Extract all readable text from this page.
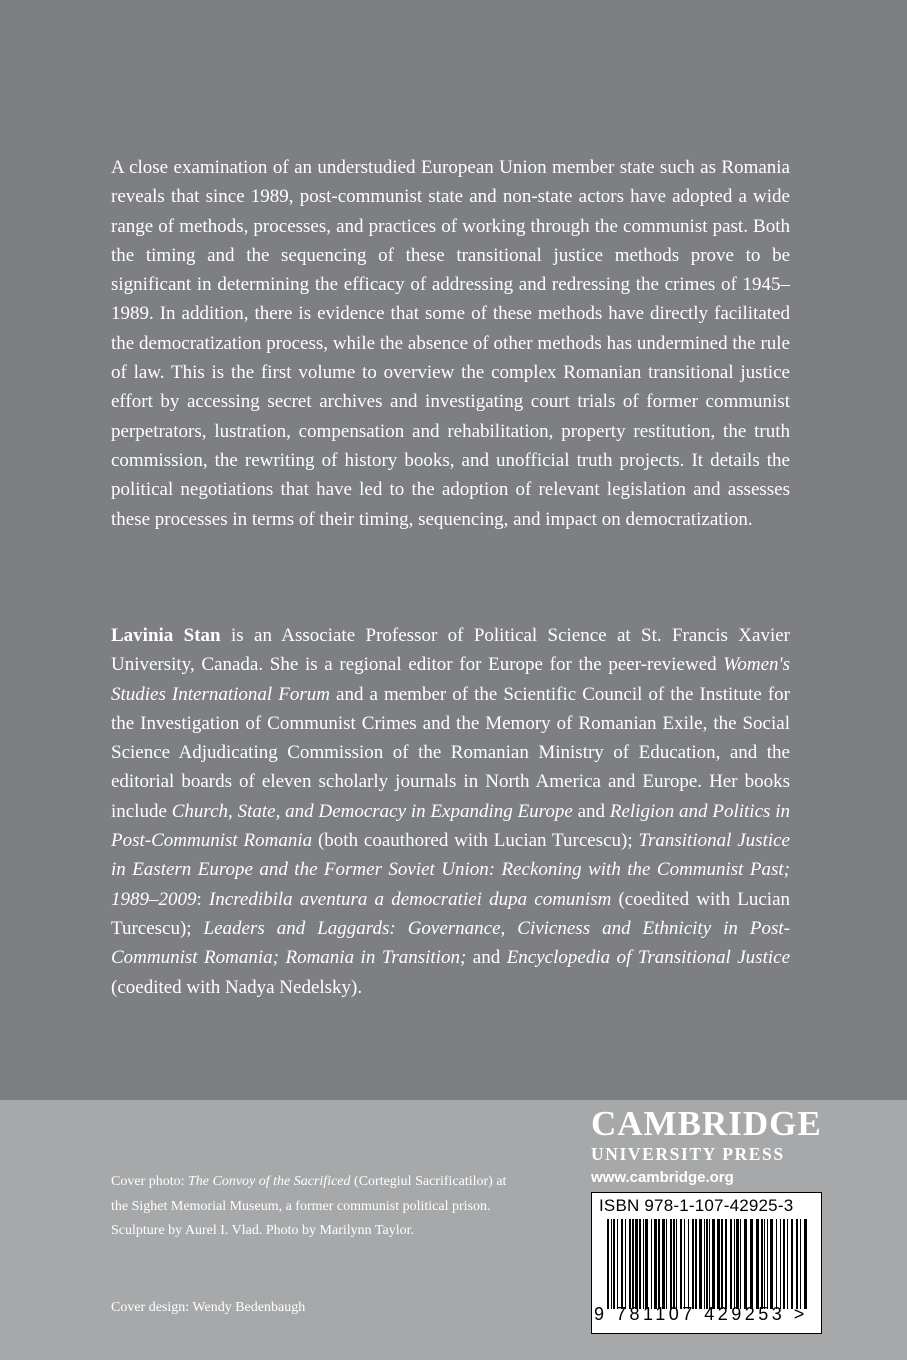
A close examination of an understudied European Union member state such as Romania reveals that since 1989, post-communist state and non-state actors have adopted a wide range of methods, processes, and practices of working through the communist past. Both the timing and the sequencing of these transitional justice methods prove to be significant in determining the efficacy of addressing and redressing the crimes of 1945–1989. In addition, there is evidence that some of these methods have directly facilitated the democratization process, while the absence of other methods has undermined the rule of law. This is the first volume to overview the complex Romanian transitional justice effort by accessing secret archives and investigating court trials of former communist perpetrators, lustration, compensation and rehabilitation, property restitution, the truth commission, the rewriting of history books, and unofficial truth projects. It details the political negotiations that have led to the adoption of relevant legislation and assesses these processes in terms of their timing, sequencing, and impact on democratization.

Lavinia Stan is an Associate Professor of Political Science at St. Francis Xavier University, Canada. She is a regional editor for Europe for the peer-reviewed Women's Studies International Forum and a member of the Scientific Council of the Institute for the Investigation of Communist Crimes and the Memory of Romanian Exile, the Social Science Adjudicating Commission of the Romanian Ministry of Education, and the editorial boards of eleven scholarly journals in North America and Europe. Her books include Church, State, and Democracy in Expanding Europe and Religion and Politics in Post-Communist Romania (both coauthored with Lucian Turcescu); Transitional Justice in Eastern Europe and the Former Soviet Union: Reckoning with the Communist Past; 1989–2009: Incredibila aventura a democratiei dupa comunism (coedited with Lucian Turcescu); Leaders and Laggards: Governance, Civicness and Ethnicity in Post-Communist Romania; Romania in Transition; and Encyclopedia of Transitional Justice (coedited with Nadya Nedelsky).

Cover photo: The Convoy of the Sacrificed (Cortegiul Sacrificatilor) at the Sighet Memorial Museum, a former communist political prison. Sculpture by Aurel I. Vlad. Photo by Marilynn Taylor.
Cover design: Wendy Bedenbaugh
CAMBRIDGE
UNIVERSITY PRESS
www.cambridge.org
ISBN 978-1-107-42925-3
9 781107 429253 >
